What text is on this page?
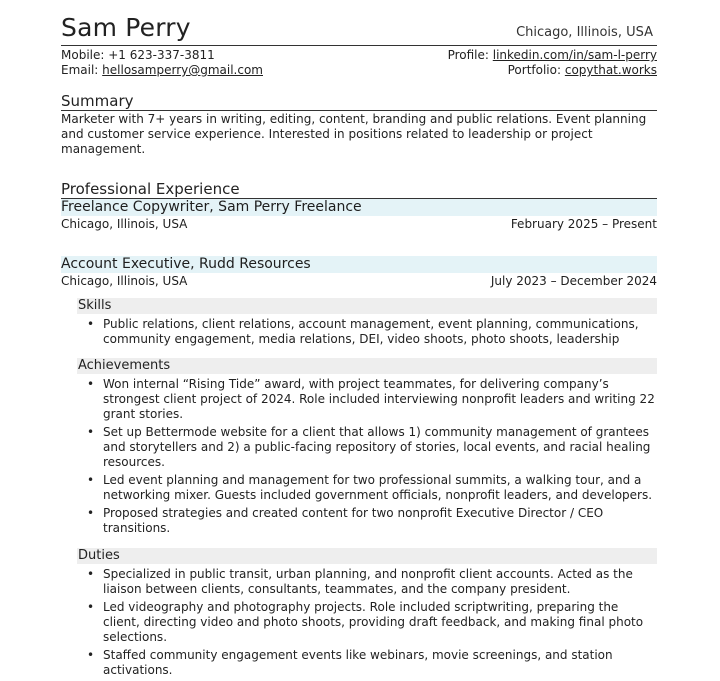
Sam Perry	Chicago, Illinois, USA
Mobile: +1 623-337-3811	Profile: linkedin.com/in/sam-l-perry
Email: hellosamperry@gmail.com	Portfolio: copythat.works
Summary
Marketer with 7+ years in writing, editing, content, branding and public relations. Event planning and customer service experience. Interested in positions related to leadership or project management.
Professional Experience
Freelance Copywriter, Sam Perry Freelance
Chicago, Illinois, USA	February 2025 – Present
Account Executive, Rudd Resources
Chicago, Illinois, USA	July 2023 – December 2024
Skills
• Public relations, client relations, account management, event planning, communications, community engagement, media relations, DEI, video shoots, photo shoots, leadership
Achievements
• Won internal “Rising Tide” award, with project teammates, for delivering company’s strongest client project of 2024. Role included interviewing nonprofit leaders and writing 22 grant stories.
• Set up Bettermode website for a client that allows 1) community management of grantees and storytellers and 2) a public-facing repository of stories, local events, and racial healing resources.
• Led event planning and management for two professional summits, a walking tour, and a networking mixer. Guests included government officials, nonprofit leaders, and developers.
• Proposed strategies and created content for two nonprofit Executive Director / CEO transitions.
Duties
• Specialized in public transit, urban planning, and nonprofit client accounts. Acted as the liaison between clients, consultants, teammates, and the company president.
• Led videography and photography projects. Role included scriptwriting, preparing the client, directing video and photo shoots, providing draft feedback, and making final photo selections.
• Staffed community engagement events like webinars, movie screenings, and station activations.
